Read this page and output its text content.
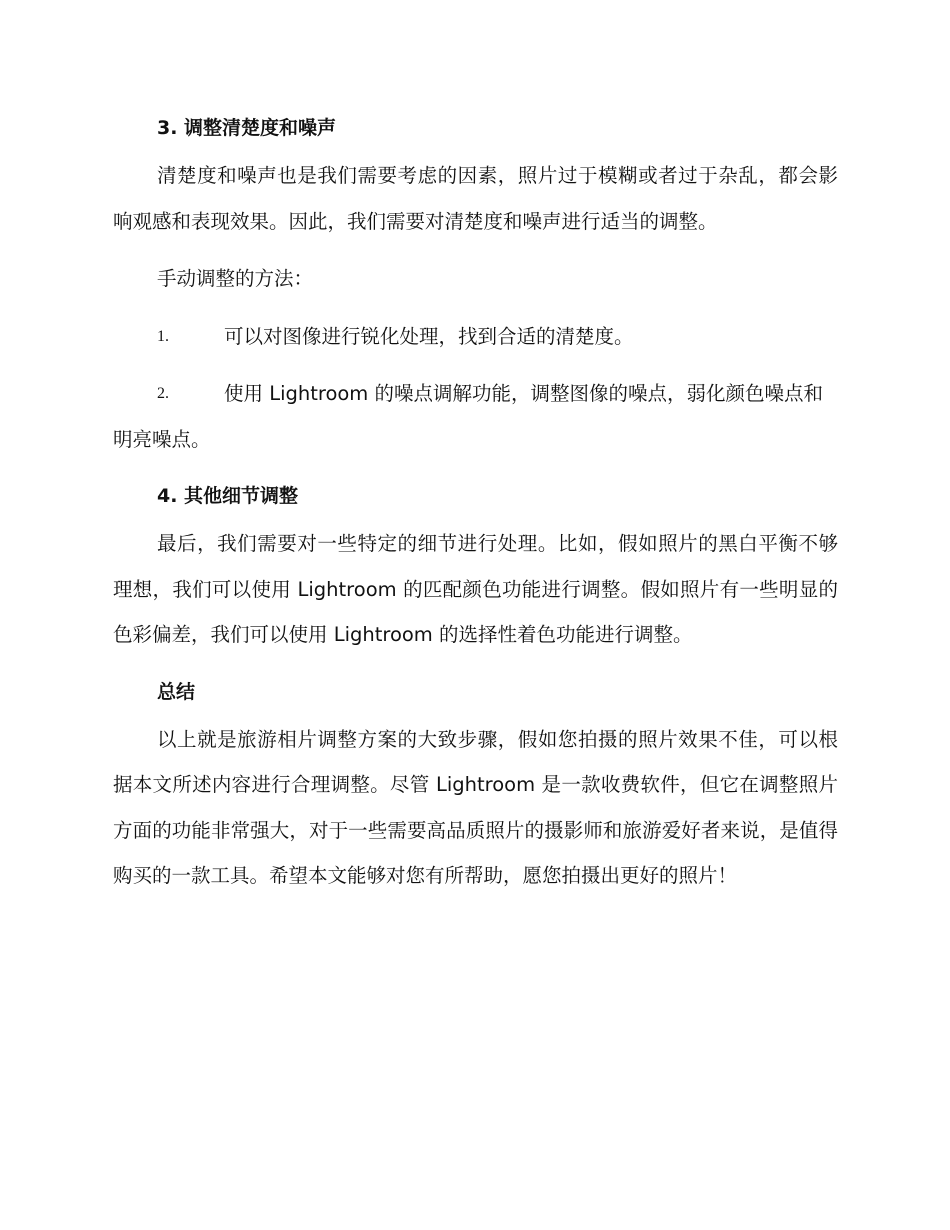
3. 调整清楚度和噪声

清楚度和噪声也是我们需要考虑的因素，照片过于模糊或者过于杂乱，都会影响观感和表现效果。因此，我们需要对清楚度和噪声进行适当的调整。

手动调整的方法：

1.	可以对图像进行锐化处理，找到合适的清楚度。
2.	使用 Lightroom 的噪点调解功能，调整图像的噪点，弱化颜色噪点和明亮噪点。
4. 其他细节调整

最后，我们需要对一些特定的细节进行处理。比如，假如照片的黑白平衡不够理想，我们可以使用 Lightroom 的匹配颜色功能进行调整。假如照片有一些明显的色彩偏差，我们可以使用 Lightroom 的选择性着色功能进行调整。

总结

以上就是旅游相片调整方案的大致步骤，假如您拍摄的照片效果不佳，可以根据本文所述内容进行合理调整。尽管 Lightroom 是一款收费软件，但它在调整照片方面的功能非常强大，对于一些需要高品质照片的摄影师和旅游爱好者来说，是值得购买的一款工具。希望本文能够对您有所帮助，愿您拍摄出更好的照片！
